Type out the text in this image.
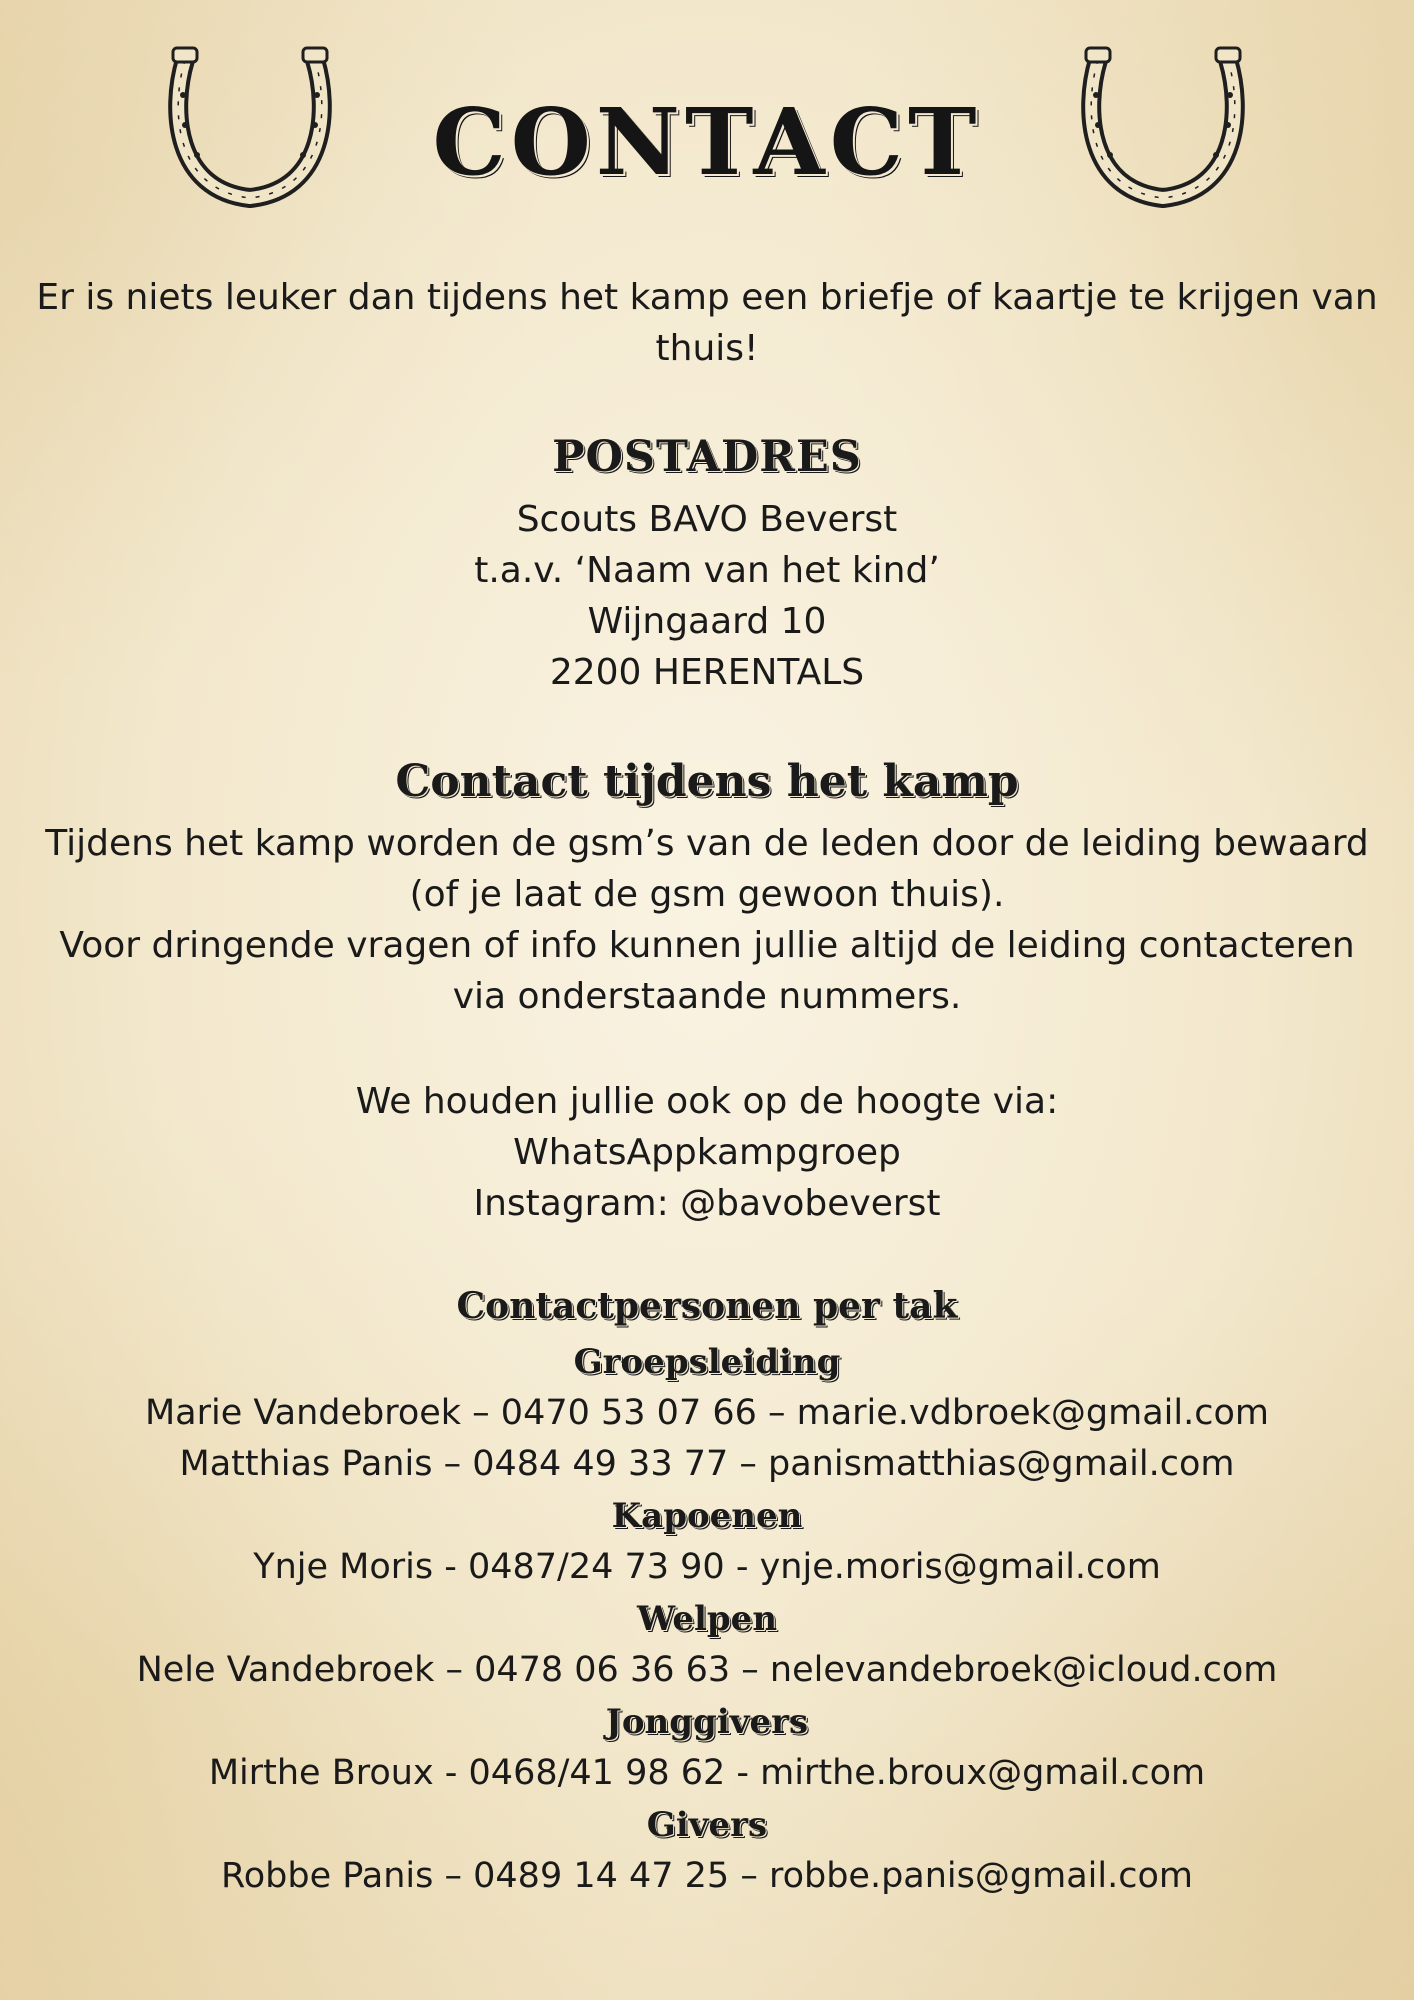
CONTACT
Er is niets leuker dan tijdens het kamp een briefje of kaartje te krijgen van
thuis!
POSTADRES
Scouts BAVO Beverst
t.a.v. ‘Naam van het kind’
Wijngaard 10
2200 HERENTALS
Contact tijdens het kamp
Tijdens het kamp worden de gsm’s van de leden door de leiding bewaard
(of je laat de gsm gewoon thuis).
Voor dringende vragen of info kunnen jullie altijd de leiding contacteren
via onderstaande nummers.
We houden jullie ook op de hoogte via:
WhatsAppkampgroep
Instagram: @bavobeverst
Contactpersonen per tak
Groepsleiding
Marie Vandebroek – 0470 53 07 66 – marie.vdbroek@gmail.com
Matthias Panis – 0484 49 33 77 – panismatthias@gmail.com
Kapoenen
Ynje Moris - 0487/24 73 90 - ynje.moris@gmail.com
Welpen
Nele Vandebroek – 0478 06 36 63 – nelevandebroek@icloud.com
Jonggivers
Mirthe Broux - 0468/41 98 62 - mirthe.broux@gmail.com
Givers
Robbe Panis – 0489 14 47 25 – robbe.panis@gmail.com
